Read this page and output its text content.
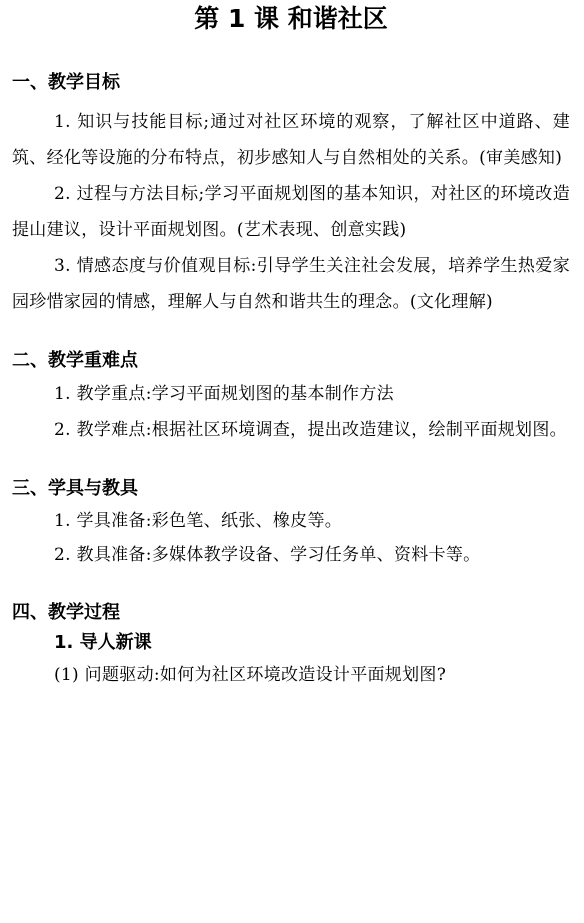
第 1 课 和谐社区
一、教学目标

1. 知识与技能目标;通过对社区环境的观察，了解社区中道路、建筑、经化等设施的分布特点，初步感知人与自然相处的关系。(审美感知)

2. 过程与方法目标;学习平面规划图的基本知识，对社区的环境改造提山建议，设计平面规划图。(艺术表现、创意实践)

3. 情感态度与价值观目标:引导学生关注社会发展，培养学生热爱家园珍惜家园的情感，理解人与自然和谐共生的理念。(文化理解)

二、教学重难点

1. 教学重点:学习平面规划图的基本制作方法

2. 教学难点:根据社区环境调查，提出改造建议，绘制平面规划图。

三、学具与教具

1. 学具准备:彩色笔、纸张、橡皮等。

2. 教具准备:多媒体教学设备、学习任务单、资料卡等。

四、教学过程
1. 导人新课

(1) 问题驱动:如何为社区环境改造设计平面规划图?
